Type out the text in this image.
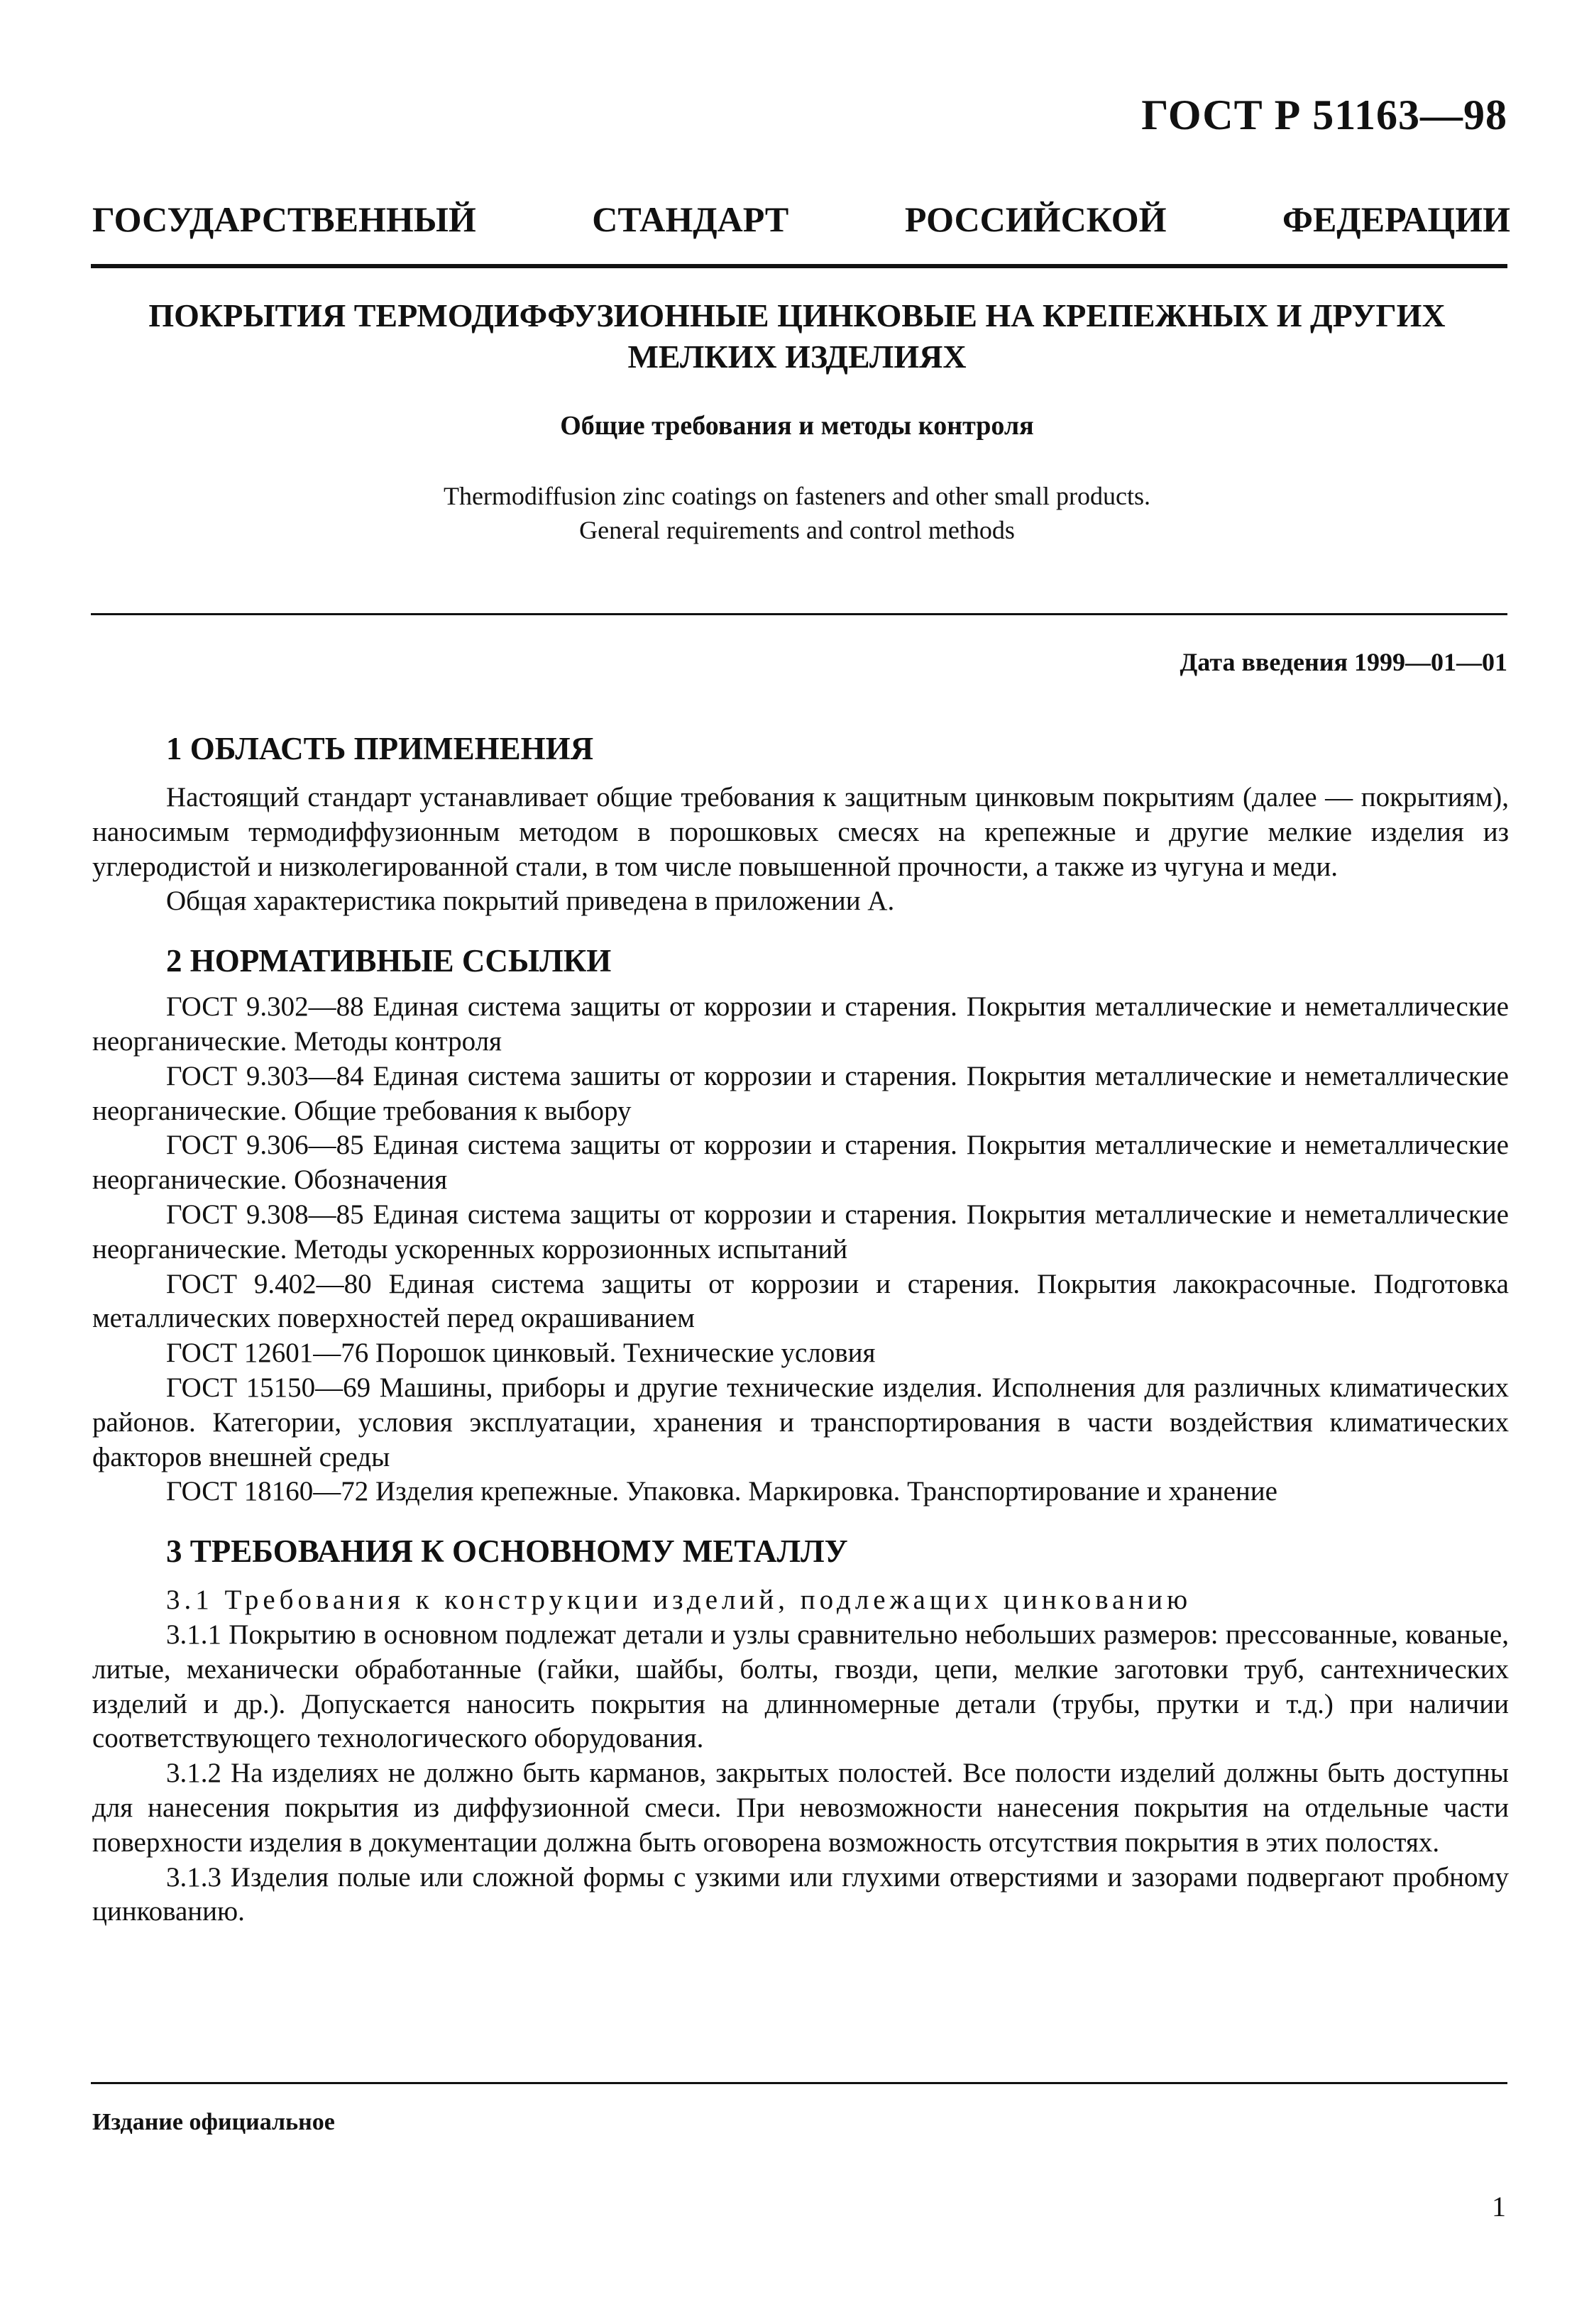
ГОСТ Р 51163—98
ГОСУДАРСТВЕННЫЙ СТАНДАРТ РОССИЙСКОЙ ФЕДЕРАЦИИ
ПОКРЫТИЯ ТЕРМОДИФФУЗИОННЫЕ ЦИНКОВЫЕ НА КРЕПЕЖНЫХ И ДРУГИХ
МЕЛКИХ ИЗДЕЛИЯХ
Общие требования и методы контроля
Thermodiffusion zinc coatings on fasteners and other small products.
General requirements and control methods
Дата введения 1999—01—01
1 ОБЛАСТЬ ПРИМЕНЕНИЯ

Настоящий стандарт устанавливает общие требования к защитным цинковым покрытиям (далее — покрытиям), наносимым термодиффузионным методом в порошковых смесях на крепежные и другие мелкие изделия из углеродистой и низколегированной стали, в том числе повышенной прочности, а также из чугуна и меди.

Общая характеристика покрытий приведена в приложении А.

2 НОРМАТИВНЫЕ ССЫЛКИ

ГОСТ 9.302—88 Единая система защиты от коррозии и старения. Покрытия металлические и неметаллические неорганические. Методы контроля

ГОСТ 9.303—84 Единая система зашиты от коррозии и старения. Покрытия металлические и неметаллические неорганические. Общие требования к выбору

ГОСТ 9.306—85 Единая система защиты от коррозии и старения. Покрытия металлические и неметаллические неорганические. Обозначения

ГОСТ 9.308—85 Единая система защиты от коррозии и старения. Покрытия металлические и неметаллические неорганические. Методы ускоренных коррозионных испытаний

ГОСТ 9.402—80 Единая система защиты от коррозии и старения. Покрытия лакокрасочные. Подготовка металлических поверхностей перед окрашиванием

ГОСТ 12601—76 Порошок цинковый. Технические условия

ГОСТ 15150—69 Машины, приборы и другие технические изделия. Исполнения для различных климатических районов. Категории, условия эксплуатации, хранения и транспортирования в части воздействия климатических факторов внешней среды

ГОСТ 18160—72 Изделия крепежные. Упаковка. Маркировка. Транспортирование и хранение

3 ТРЕБОВАНИЯ К ОСНОВНОМУ МЕТАЛЛУ

3.1 Требования к конструкции изделий, подлежащих цинкованию

3.1.1 Покрытию в основном подлежат детали и узлы сравнительно небольших размеров: прессованные, кованые, литые, механически обработанные (гайки, шайбы, болты, гвозди, цепи, мелкие заготовки труб, сантехнических изделий и др.). Допускается наносить покрытия на длинномерные детали (трубы, прутки и т.д.) при наличии соответствующего технологического оборудования.

3.1.2 На изделиях не должно быть карманов, закрытых полостей. Все полости изделий должны быть доступны для нанесения покрытия из диффузионной смеси. При невозможности нанесения покрытия на отдельные части поверхности изделия в документации должна быть оговорена возможность отсутствия покрытия в этих полостях.

3.1.3 Изделия полые или сложной формы с узкими или глухими отверстиями и зазорами подвергают пробному цинкованию.

Издание официальное
1
